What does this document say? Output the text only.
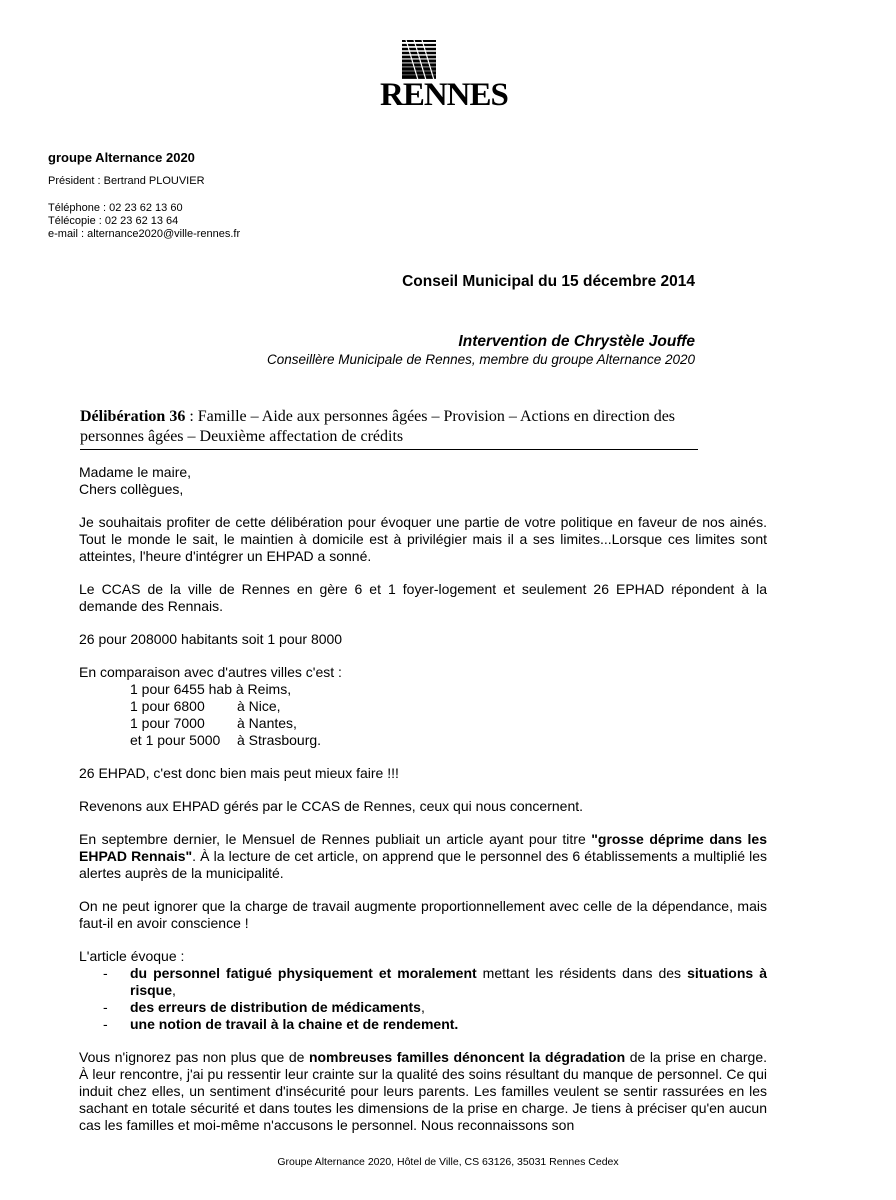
RENNES
groupe Alternance 2020
Président : Bertrand PLOUVIER
Téléphone : 02 23 62 13 60
Télécopie : 02 23 62 13 64
e-mail : alternance2020@ville-rennes.fr
Conseil Municipal du 15 décembre 2014
Intervention de Chrystèle Jouffe
Conseillère Municipale de Rennes, membre du groupe Alternance 2020
Délibération 36 : Famille – Aide aux personnes âgées – Provision – Actions en direction des personnes âgées – Deuxième affectation de crédits

Madame le maire,
Chers collègues,

Je souhaitais profiter de cette délibération pour évoquer une partie de votre politique en faveur de nos ainés. Tout le monde le sait, le maintien à domicile est à privilégier mais il a ses limites...Lorsque ces limites sont atteintes, l'heure d'intégrer un EHPAD a sonné.

Le CCAS de la ville de Rennes en gère 6 et 1 foyer-logement et seulement 26 EPHAD répondent à la demande des Rennais.

26 pour 208000 habitants soit 1 pour 8000

En comparaison avec d'autres villes c'est :
1 pour 6455 hab à Reims,
1 pour 6800 à Nice,
1 pour 7000 à Nantes,
et 1 pour 5000 à Strasbourg.

26 EHPAD, c'est donc bien mais peut mieux faire !!!

Revenons aux EHPAD gérés par le CCAS de Rennes, ceux qui nous concernent.

En septembre dernier, le Mensuel de Rennes publiait un article ayant pour titre "grosse déprime dans les EHPAD Rennais". À la lecture de cet article, on apprend que le personnel des 6 établissements a multiplié les alertes auprès de la municipalité.

On ne peut ignorer que la charge de travail augmente proportionnellement avec celle de la dépendance, mais faut-il en avoir conscience !

L'article évoque :

- du personnel fatigué physiquement et moralement mettant les résidents dans des situations à risque,
- des erreurs de distribution de médicaments,
- une notion de travail à la chaine et de rendement.

Vous n'ignorez pas non plus que de nombreuses familles dénoncent la dégradation de la prise en charge. À leur rencontre, j'ai pu ressentir leur crainte sur la qualité des soins résultant du manque de personnel. Ce qui induit chez elles, un sentiment d'insécurité pour leurs parents. Les familles veulent se sentir rassurées en les sachant en totale sécurité et dans toutes les dimensions de la prise en charge. Je tiens à préciser qu'en aucun cas les familles et moi-même n'accusons le personnel. Nous reconnaissons son

Groupe Alternance 2020, Hôtel de Ville, CS 63126, 35031 Rennes Cedex
